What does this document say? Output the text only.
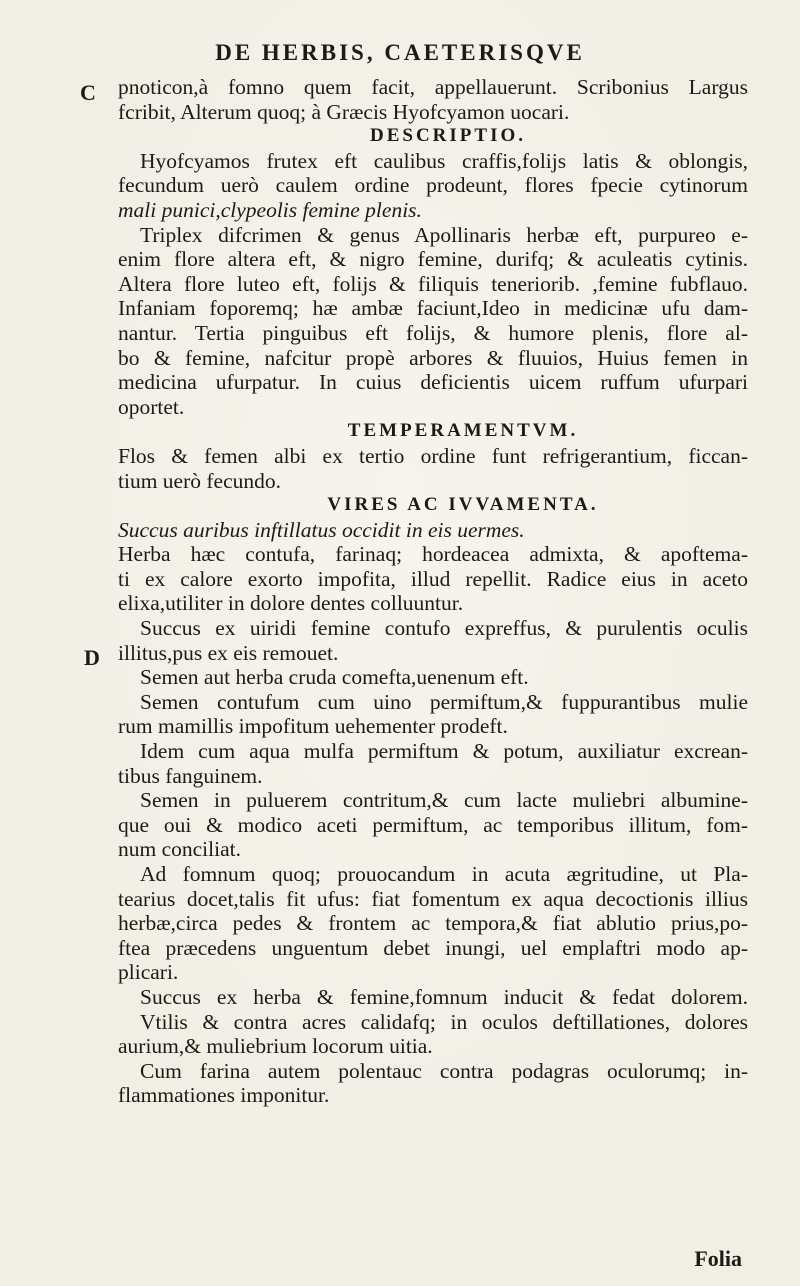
DE HERBIS, CAETERISQVE
C
D
pnoticon,à fomno quem facit, appellauerunt. Scribonius Largus
fcribit, Alterum quoq; à Græcis Hyofcyamon uocari.
DESCRIPTIO.
Hyofcyamos frutex eft caulibus craffis,folijs latis & oblongis,
fecundum uerò caulem ordine prodeunt, flores fpecie cytinorum
mali punici,clypeolis femine plenis.
Triplex difcrimen & genus Apollinaris herbæ eft, purpureo e-
enim flore altera eft, & nigro femine, durifq; & aculeatis cytinis.
Altera flore luteo eft, folijs & filiquis teneriorib. ,femine fubflauo.
Infaniam foporemq; hæ ambæ faciunt,Ideo in medicinæ ufu dam-
nantur. Tertia pinguibus eft folijs, & humore plenis, flore al-
bo & femine, nafcitur propè arbores & fluuios, Huius femen in
medicina ufurpatur. In cuius deficientis uicem ruffum ufurpari
oportet.
TEMPERAMENTVM.
Flos & femen albi ex tertio ordine funt refrigerantium, ficcan-
tium uerò fecundo.
VIRES AC IVVAMENTA.
Succus auribus inftillatus occidit in eis uermes.
Herba hæc contufa, farinaq; hordeacea admixta, & apoftema-
ti ex calore exorto impofita, illud repellit. Radice eius in aceto
elixa,utiliter in dolore dentes colluuntur.
Succus ex uiridi femine contufo expreffus, & purulentis oculis
illitus,pus ex eis remouet.
Semen aut herba cruda comefta,uenenum eft.
Semen contufum cum uino permiftum,& fuppurantibus mulie
rum mamillis impofitum uehementer prodeft.
Idem cum aqua mulfa permiftum & potum, auxiliatur excrean-
tibus fanguinem.
Semen in puluerem contritum,& cum lacte muliebri albumine-
que oui & modico aceti permiftum, ac temporibus illitum, fom-
num conciliat.
Ad fomnum quoq; prouocandum in acuta ægritudine, ut Pla-
tearius docet,talis fit ufus: fiat fomentum ex aqua decoctionis illius
herbæ,circa pedes & frontem ac tempora,& fiat ablutio prius,po-
ftea præcedens unguentum debet inungi, uel emplaftri modo ap-
plicari.
Succus ex herba & femine,fomnum inducit & fedat dolorem.
Vtilis & contra acres calidafq; in oculos deftillationes, dolores
aurium,& muliebrium locorum uitia.
Cum farina autem polentauc contra podagras oculorumq; in-
flammationes imponitur.
Folia
